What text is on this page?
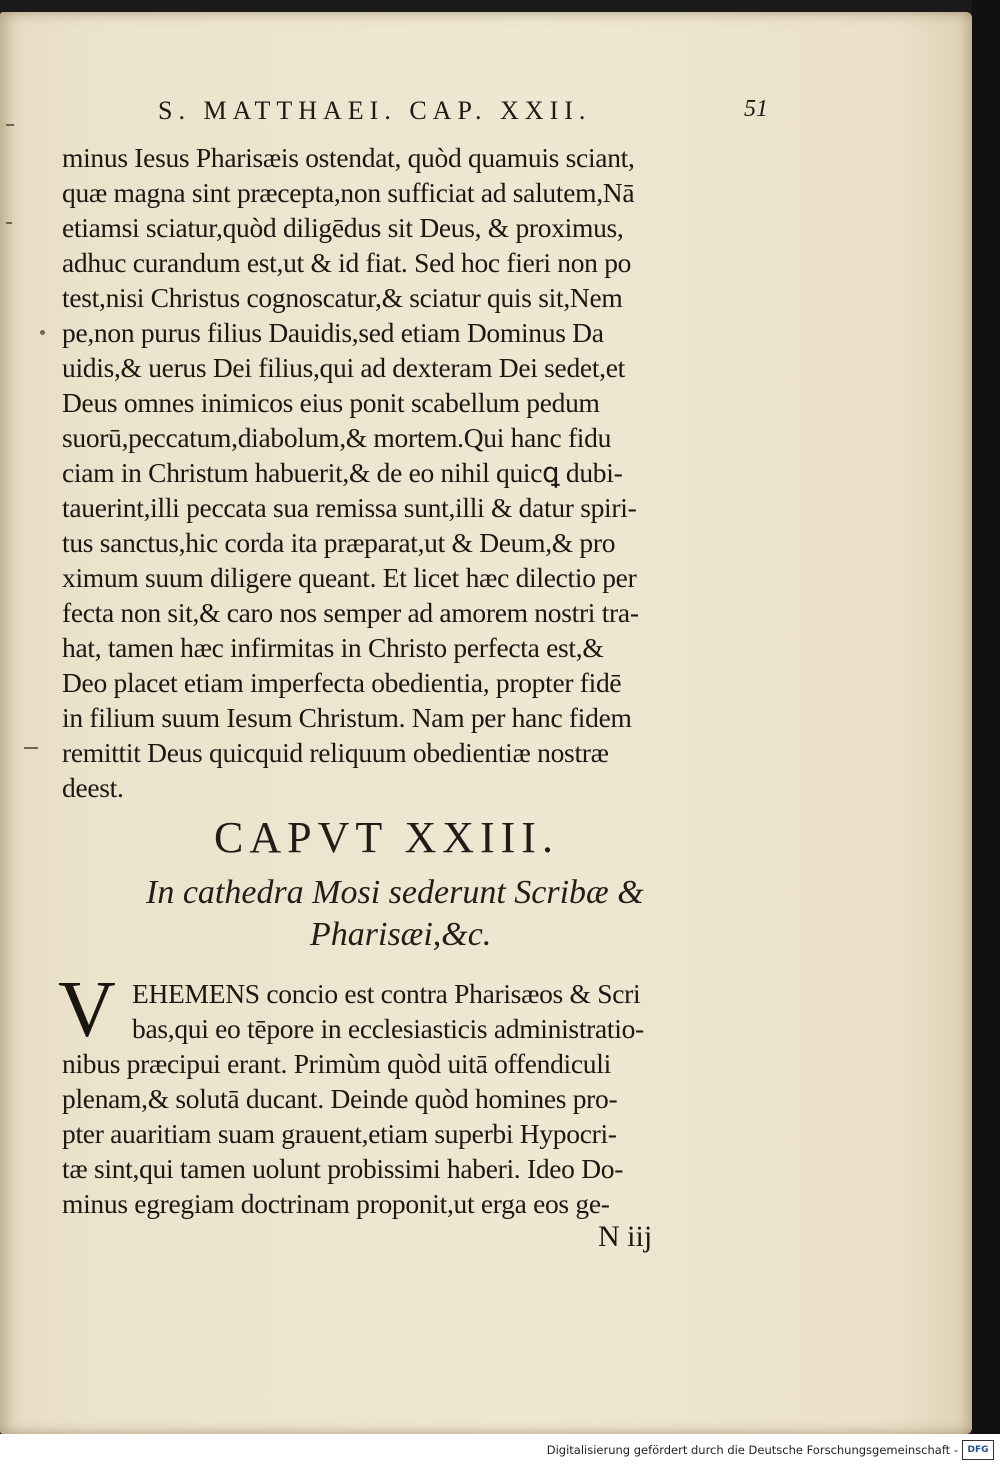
S. MATTHAEI. CAP. XXII.	51
minus Iesus Pharisæis ostendat, quòd quamuis sciant,
quæ magna sint præcepta,non sufficiat ad salutem,Nā
etiamsi sciatur,quòd diligēdus sit Deus, & proximus,
adhuc curandum est,ut & id fiat. Sed hoc fieri non po
test,nisi Christus cognoscatur,& sciatur quis sit,Nem
pe,non purus filius Dauidis,sed etiam Dominus Da
uidis,& uerus Dei filius,qui ad dexteram Dei sedet,et
Deus omnes inimicos eius ponit scabellum pedum
suorū,peccatum,diabolum,& mortem.Qui hanc fidu
ciam in Christum habuerit,& de eo nihil quicꝗ dubi-
tauerint,illi peccata sua remissa sunt,illi & datur spiri-
tus sanctus,hic corda ita præparat,ut & Deum,& pro
ximum suum diligere queant. Et licet hæc dilectio per
fecta non sit,& caro nos semper ad amorem nostri tra-
hat, tamen hæc infirmitas in Christo perfecta est,&
Deo placet etiam imperfecta obedientia, propter fidē
in filium suum Iesum Christum. Nam per hanc fidem
remittit Deus quicquid reliquum obedientiæ nostræ
deest.
CAPVT XXIII.
In cathedra Mosi sederunt Scribæ &
Pharisæi,&c.
V EHEMENS concio est contra Pharisæos & Scri
bas,qui eo tēpore in ecclesiasticis administratio-
nibus præcipui erant. Primùm quòd uitā offendiculi
plenam,& solutā ducant. Deinde quòd homines pro-
pter auaritiam suam grauent,etiam superbi Hypocri-
tæ sint,qui tamen uolunt probissimi haberi. Ideo Do-
minus egregiam doctrinam proponit,ut erga eos ge-
N iij
Digitalisierung gefördert durch die Deutsche Forschungsgemeinschaft -	DFG
